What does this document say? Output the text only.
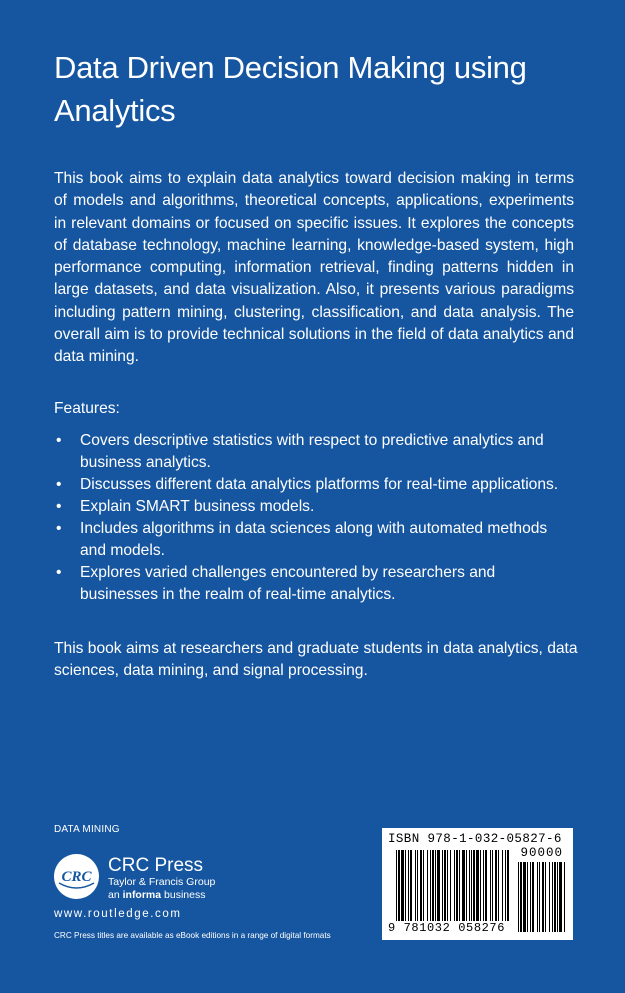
Data Driven Decision Making using Analytics

This book aims to explain data analytics toward decision making in terms of models and algorithms, theoretical concepts, applications, experiments in relevant domains or focused on specific issues. It explores the concepts of database technology, machine learning, knowledge-based system, high performance computing, information retrieval, finding patterns hidden in large datasets, and data visualization. Also, it presents various paradigms including pattern mining, clustering, classification, and data analysis. The overall aim is to provide technical solutions in the field of data analytics and data mining.

Features:

• Covers descriptive statistics with respect to predictive analytics and business analytics.
• Discusses different data analytics platforms for real-time applications.
• Explain SMART business models.
• Includes algorithms in data sciences along with automated methods and models.
• Explores varied challenges encountered by researchers and businesses in the realm of real-time analytics.

This book aims at researchers and graduate students in data analytics, data sciences, data mining, and signal processing.

DATA MINING
CRC
CRC Press
Taylor & Francis Group
an informa business
www.routledge.com
CRC Press titles are available as eBook editions in a range of digital formats
ISBN 978-1-032-05827-6
90000
9 781032 058276
